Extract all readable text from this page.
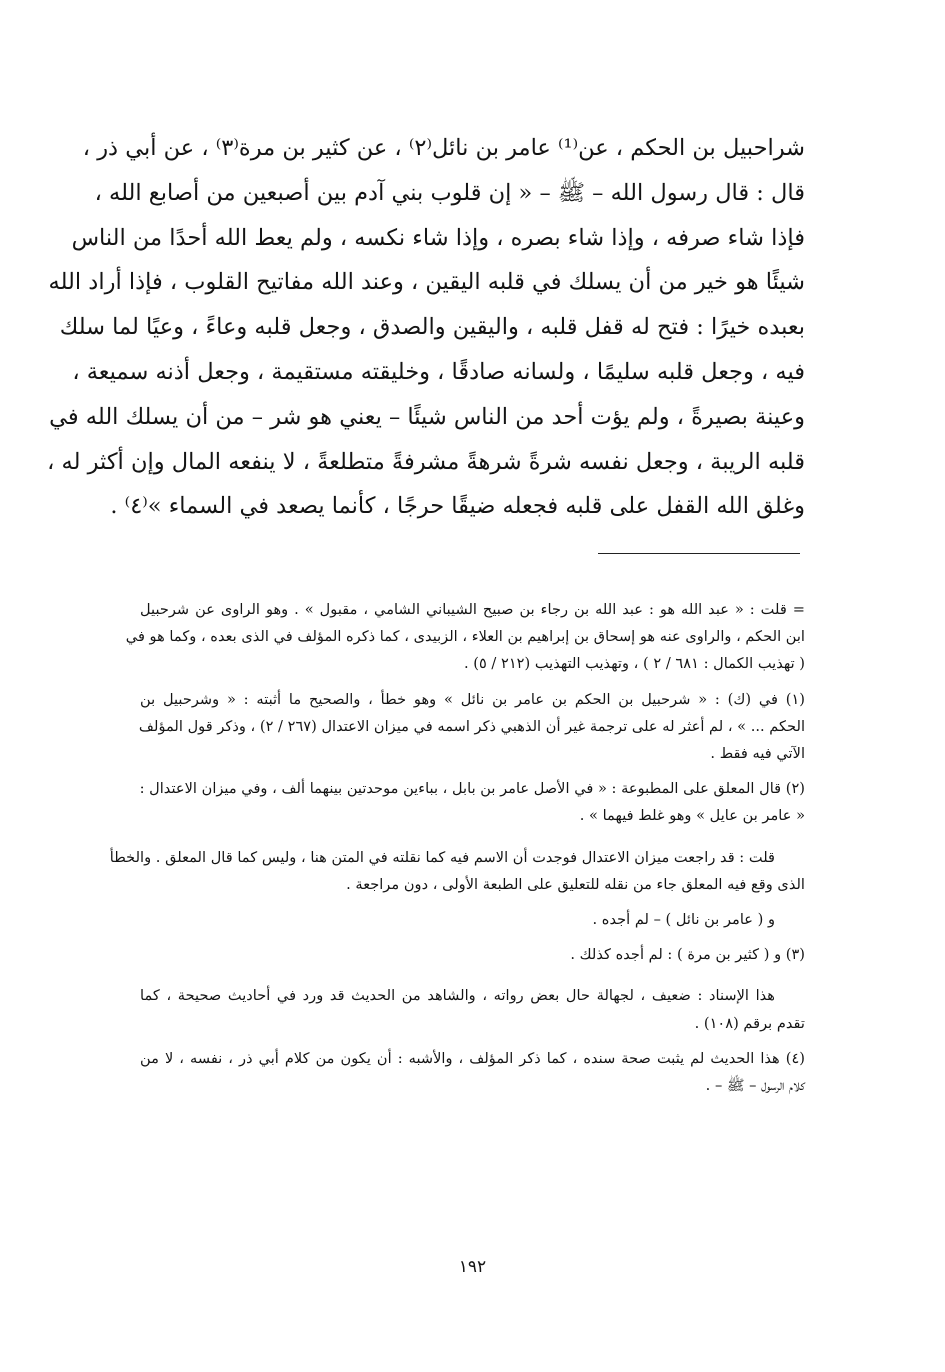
شراحبيل بن الحكم ، عن⁽¹⁾ عامر بن نائل⁽٢⁾ ، عن كثير بن مرة⁽٣⁾ ، عن أبي ذر ،
قال : قال رسول الله – ﷺ – « إن قلوب بني آدم بين أصبعين من أصابع الله ،
فإذا شاء صرفه ، وإذا شاء بصره ، وإذا شاء نكسه ، ولم يعط الله أحدًا من الناس
شيئًا هو خير من أن يسلك في قلبه اليقين ، وعند الله مفاتيح القلوب ، فإذا أراد الله
بعبده خيرًا : فتح له قفل قلبه ، واليقين والصدق ، وجعل قلبه وعاءً ، وعيًا لما سلك
فيه ، وجعل قلبه سليمًا ، ولسانه صادقًا ، وخليقته مستقيمة ، وجعل أذنه سميعة ،
وعينة بصيرةً ، ولم يؤت أحد من الناس شيئًا – يعني هو شر – من أن يسلك الله في
قلبه الريبة ، وجعل نفسه شرةً شرهةً مشرفةً متطلعةً ، لا ينفعه المال وإن أكثر له ،
وغلق الله القفل على قلبه فجعله ضيقًا حرجًا ، كأنما يصعد في السماء »⁽٤⁾ .

= قلت : « عبد الله هو : عبد الله بن رجاء بن صبيح الشيباني الشامي ، مقبول » . وهو الراوى عن شرحبيل
ابن الحكم ، والراوى عنه هو إسحاق بن إبراهيم بن العلاء ، الزبيدى ، كما ذكره المؤلف في الذى بعده ، وكما هو في
( تهذيب الكمال : ٦٨١ / ٢ ) ، وتهذيب التهذيب (٢١٢ / ٥) .

(١) في (ك) : « شرحبيل بن الحكم بن عامر بن نائل » وهو خطأ ، والصحيح ما أثبته : « وشرحبيل بن
الحكم ... » ، لم أعثر له على ترجمة غير أن الذهبي ذكر اسمه في ميزان الاعتدال (٢٦٧ / ٢) ، وذكر قول المؤلف
الآتي فيه فقط .

(٢) قال المعلق على المطبوعة : « في الأصل عامر بن بابل ، بباءين موحدتين بينهما ألف ، وفي ميزان الاعتدال :
« عامر بن عايل » وهو غلط فيهما » .

قلت : قد راجعت ميزان الاعتدال فوجدت أن الاسم فيه كما نقلته في المتن هنا ، وليس كما قال المعلق . والخطأ
الذى وقع فيه المعلق جاء من نقله للتعليق على الطبعة الأولى ، دون مراجعة .

و ( عامر بن نائل ) – لم أجده .

(٣) و ( كثير بن مرة ) : لم أجده كذلك .

هذا الإسناد : ضعيف ، لجهالة حال بعض رواته ، والشاهد من الحديث قد ورد في أحاديث صحيحة ، كما
تقدم برقم (١٠٨) .

(٤) هذا الحديث لم يثبت صحة سنده ، كما ذكر المؤلف ، والأشبه : أن يكون من كلام أبي ذر ، نفسه ، لا من
كلام الرسول – ﷺ – .

١٩٢
